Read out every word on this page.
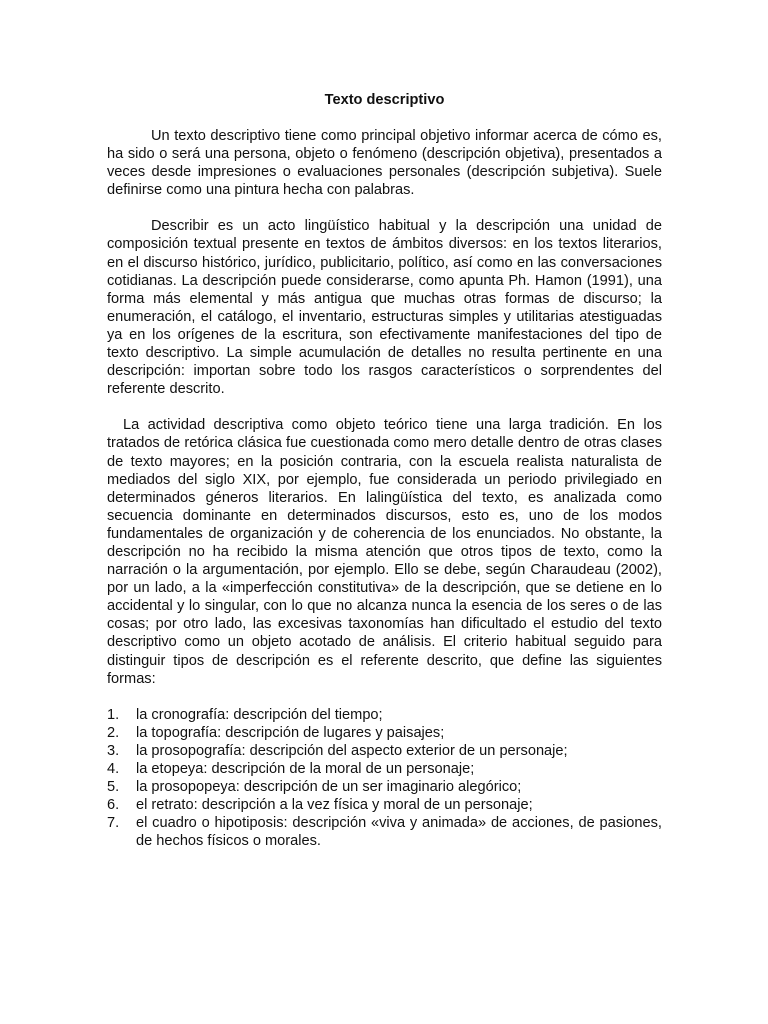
Texto descriptivo

Un texto descriptivo tiene como principal objetivo informar acerca de cómo es, ha sido o será una persona, objeto o fenómeno (descripción objetiva), presentados a veces desde impresiones o evaluaciones personales (descripción subjetiva). Suele definirse como una pintura hecha con palabras.

Describir es un acto lingüístico habitual y la descripción una unidad de composición textual presente en textos de ámbitos diversos: en los textos literarios, en el discurso histórico, jurídico, publicitario, político, así como en las conversaciones cotidianas. La descripción puede considerarse, como apunta Ph. Hamon (1991), una forma más elemental y más antigua que muchas otras formas de discurso; la enumeración, el catálogo, el inventario, estructuras simples y utilitarias atestiguadas ya en los orígenes de la escritura, son efectivamente manifestaciones del tipo de texto descriptivo. La simple acumulación de detalles no resulta pertinente en una descripción: importan sobre todo los rasgos característicos o sorprendentes del referente descrito.

La actividad descriptiva como objeto teórico tiene una larga tradición. En los tratados de retórica clásica fue cuestionada como mero detalle dentro de otras clases de texto mayores; en la posición contraria, con la escuela realista naturalista de mediados del siglo XIX, por ejemplo, fue considerada un periodo privilegiado en determinados géneros literarios. En lalingüística del texto, es analizada como secuencia dominante en determinados discursos, esto es, uno de los modos fundamentales de organización y de coherencia de los enunciados. No obstante, la descripción no ha recibido la misma atención que otros tipos de texto, como la narración o la argumentación, por ejemplo. Ello se debe, según Charaudeau (2002), por un lado, a la «imperfección constitutiva» de la descripción, que se detiene en lo accidental y lo singular, con lo que no alcanza nunca la esencia de los seres o de las cosas; por otro lado, las excesivas taxonomías han dificultado el estudio del texto descriptivo como un objeto acotado de análisis. El criterio habitual seguido para distinguir tipos de descripción es el referente descrito, que define las siguientes formas:

1.	la cronografía: descripción del tiempo;
2.	la topografía: descripción de lugares y paisajes;
3.	la prosopografía: descripción del aspecto exterior de un personaje;
4.	la etopeya: descripción de la moral de un personaje;
5.	la prosopopeya: descripción de un ser imaginario alegórico;
6.	el retrato: descripción a la vez física y moral de un personaje;
7.	el cuadro o hipotiposis: descripción «viva y animada» de acciones, de pasiones, de hechos físicos o morales.
